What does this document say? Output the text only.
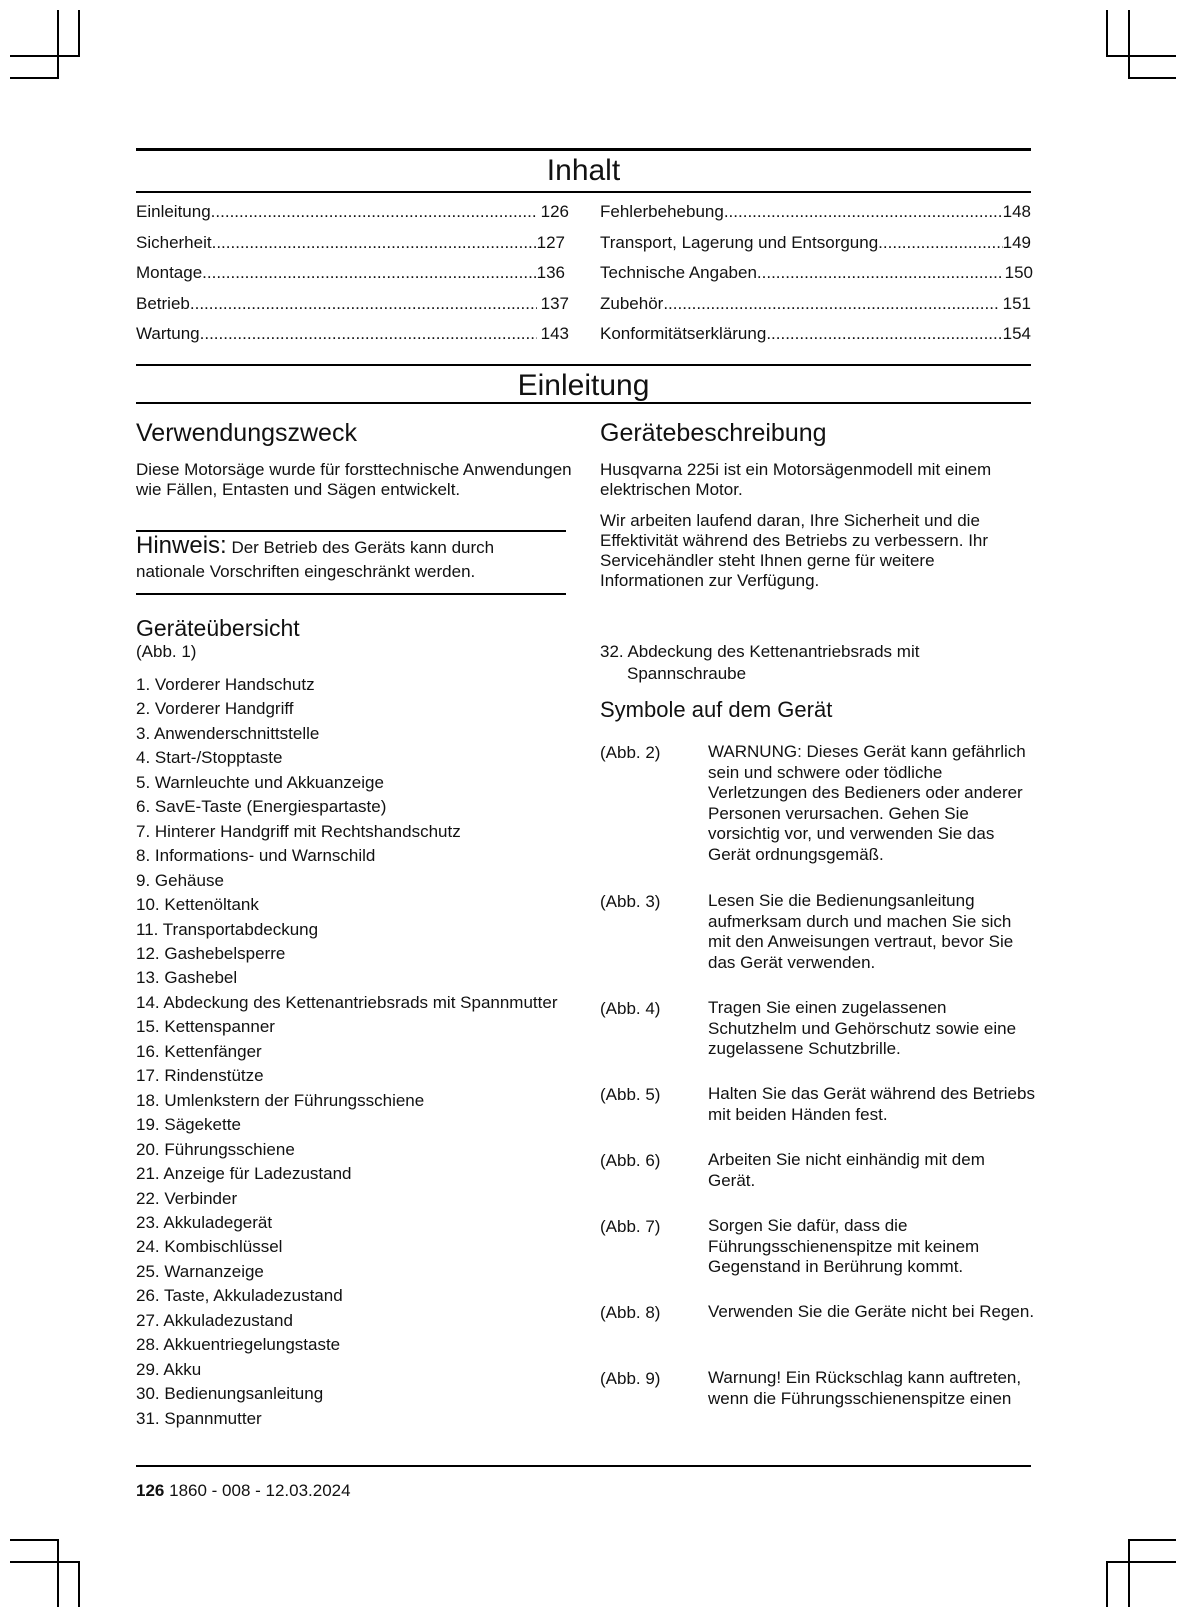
Inhalt
Einleitung .....	126
Sicherheit .....	127
Montage .....	136
Betrieb .....	137
Wartung .....	143
Fehlerbehebung .....	148
Transport, Lagerung und Entsorgung .....	149
Technische Angaben .....	150
Zubehör .....	151
Konformitätserklärung .....	154
Einleitung
Verwendungszweck
Diese Motorsäge wurde für forsttechnische Anwendungen wie Fällen, Entasten und Sägen entwickelt.
Hinweis: Der Betrieb des Geräts kann durch nationale Vorschriften eingeschränkt werden.
Gerätebeschreibung
Husqvarna 225i ist ein Motorsägenmodell mit einem elektrischen Motor.
Wir arbeiten laufend daran, Ihre Sicherheit und die Effektivität während des Betriebs zu verbessern. Ihr Servicehändler steht Ihnen gerne für weitere Informationen zur Verfügung.
Geräteübersicht
(Abb. 1)
1. Vorderer Handschutz
2. Vorderer Handgriff
3. Anwenderschnittstelle
4. Start-/Stopptaste
5. Warnleuchte und Akkuanzeige
6. SavE-Taste (Energiespartaste)
7. Hinterer Handgriff mit Rechtshandschutz
8. Informations- und Warnschild
9. Gehäuse
10. Kettenöltank
11. Transportabdeckung
12. Gashebelsperre
13. Gashebel
14. Abdeckung des Kettenantriebsrads mit Spannmutter
15. Kettenspanner
16. Kettenfänger
17. Rindenstütze
18. Umlenkstern der Führungsschiene
19. Sägekette
20. Führungsschiene
21. Anzeige für Ladezustand
22. Verbinder
23. Akkuladegerät
24. Kombischlüssel
25. Warnanzeige
26. Taste, Akkuladezustand
27. Akkuladezustand
28. Akkuentriegelungstaste
29. Akku
30. Bedienungsanleitung
31. Spannmutter
32. Abdeckung des Kettenantriebsrads mit
Spannschraube
Symbole auf dem Gerät
(Abb. 2)	WARNUNG: Dieses Gerät kann gefährlich sein und schwere oder tödliche Verletzungen des Bedieners oder anderer Personen verursachen. Gehen Sie vorsichtig vor, und verwenden Sie das Gerät ordnungsgemäß.
(Abb. 3)	Lesen Sie die Bedienungsanleitung aufmerksam durch und machen Sie sich mit den Anweisungen vertraut, bevor Sie das Gerät verwenden.
(Abb. 4)	Tragen Sie einen zugelassenen Schutzhelm und Gehörschutz sowie eine zugelassene Schutzbrille.
(Abb. 5)	Halten Sie das Gerät während des Betriebs mit beiden Händen fest.
(Abb. 6)	Arbeiten Sie nicht einhändig mit dem Gerät.
(Abb. 7)	Sorgen Sie dafür, dass die Führungsschienenspitze mit keinem Gegenstand in Berührung kommt.
(Abb. 8)	Verwenden Sie die Geräte nicht bei Regen.
(Abb. 9)	Warnung! Ein Rückschlag kann auftreten, wenn die Führungsschienenspitze einen
126 1860 - 008 - 12.03.2024
